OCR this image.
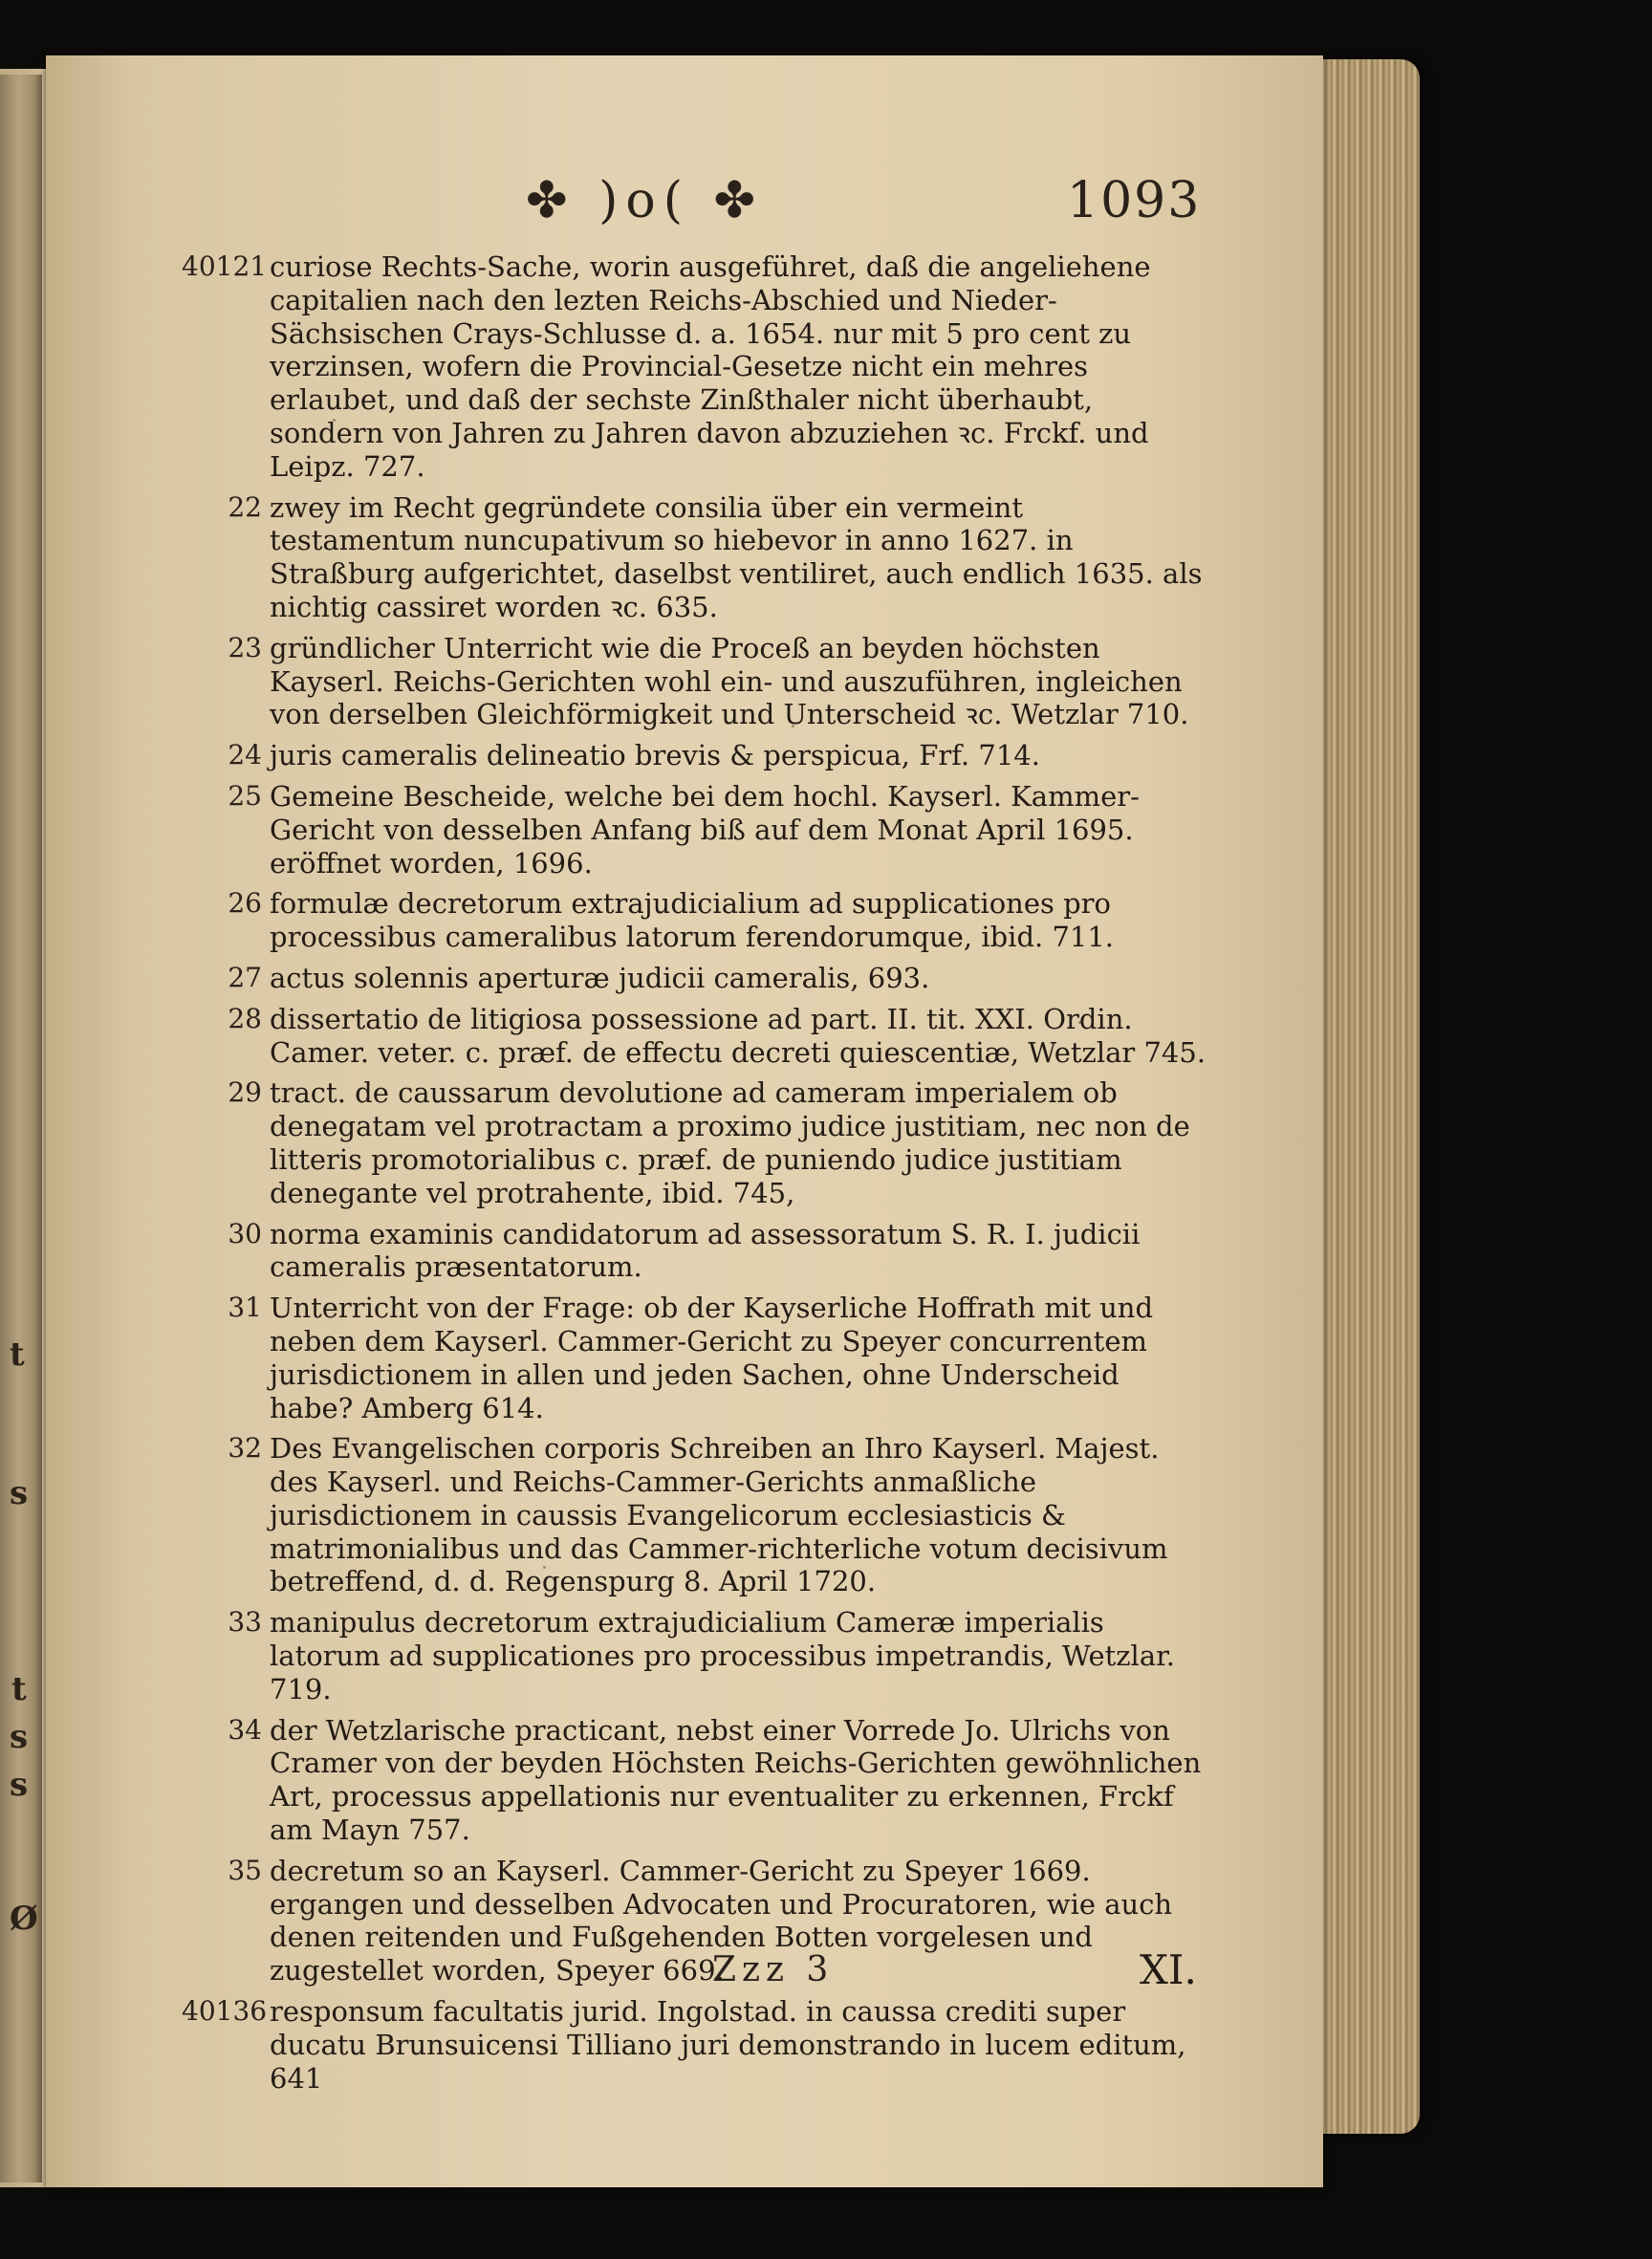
t
s
t
s
s
Ø
✤ )o( ✤	1093
40121 curiose Rechts-Sache, worin ausgeführet, daß die angeliehene capitalien nach den lezten Reichs-Abschied und Nieder-Sächsischen Crays-Schlusse d. a. 1654. nur mit 5 pro cent zu verzinsen, wofern die Provincial-Gesetze nicht ein mehres erlaubet, und daß der sechste Zinßthaler nicht überhaubt, sondern von Jahren zu Jahren davon abzuziehen ꝛc. Frckf. und Leipz. 727.
22 zwey im Recht gegründete consilia über ein vermeint testamentum nuncupativum so hiebevor in anno 1627. in Straßburg aufgerichtet, daselbst ventiliret, auch endlich 1635. als nichtig cassiret worden ꝛc. 635.
23 gründlicher Unterricht wie die Proceß an beyden höchsten Kayserl. Reichs-Gerichten wohl ein- und auszuführen, ingleichen von derselben Gleichförmigkeit und Unterscheid ꝛc. Wetzlar 710.
24 juris cameralis delineatio brevis & perspicua, Frf. 714.
25 Gemeine Bescheide, welche bei dem hochl. Kayserl. Kammer-Gericht von desselben Anfang biß auf dem Monat April 1695. eröffnet worden, 1696.
26 formulæ decretorum extrajudicialium ad supplicationes pro processibus cameralibus latorum ferendorumque, ibid. 711.
27 actus solennis aperturæ judicii cameralis, 693.
28 dissertatio de litigiosa possessione ad part. II. tit. XXI. Ordin. Camer. veter. c. præf. de effectu decreti quiescentiæ, Wetzlar 745.
29 tract. de caussarum devolutione ad cameram imperialem ob denegatam vel protractam a proximo judice justitiam, nec non de litteris promotorialibus c. præf. de puniendo judice justitiam denegante vel protrahente, ibid. 745,
30 norma examinis candidatorum ad assessoratum S. R. I. judicii cameralis præsentatorum.
31 Unterricht von der Frage: ob der Kayserliche Hoffrath mit und neben dem Kayserl. Cammer-Gericht zu Speyer concurrentem jurisdictionem in allen und jeden Sachen, ohne Underscheid habe? Amberg 614.
32 Des Evangelischen corporis Schreiben an Ihro Kayserl. Majest. des Kayserl. und Reichs-Cammer-Gerichts anmaßliche jurisdictionem in caussis Evangelicorum ecclesiasticis & matrimonialibus und das Cammer-richterliche votum decisivum betreffend, d. d. Regenspurg 8. April 1720.
33 manipulus decretorum extrajudicialium Cameræ imperialis latorum ad supplicationes pro processibus impetrandis, Wetzlar. 719.
34 der Wetzlarische practicant, nebst einer Vorrede Jo. Ulrichs von Cramer von der beyden Höchsten Reichs-Gerichten gewöhnlichen Art, processus appellationis nur eventualiter zu erkennen, Frckf am Mayn 757.
35 decretum so an Kayserl. Cammer-Gericht zu Speyer 1669. ergangen und desselben Advocaten und Procuratoren, wie auch denen reitenden und Fußgehenden Botten vorgelesen und zugestellet worden, Speyer 669.
40136 responsum facultatis jurid. Ingolstad. in caussa crediti super ducatu Brunsuicensi Tilliano juri demonstrando in lucem editum, 641
Zzz 3	XI.
